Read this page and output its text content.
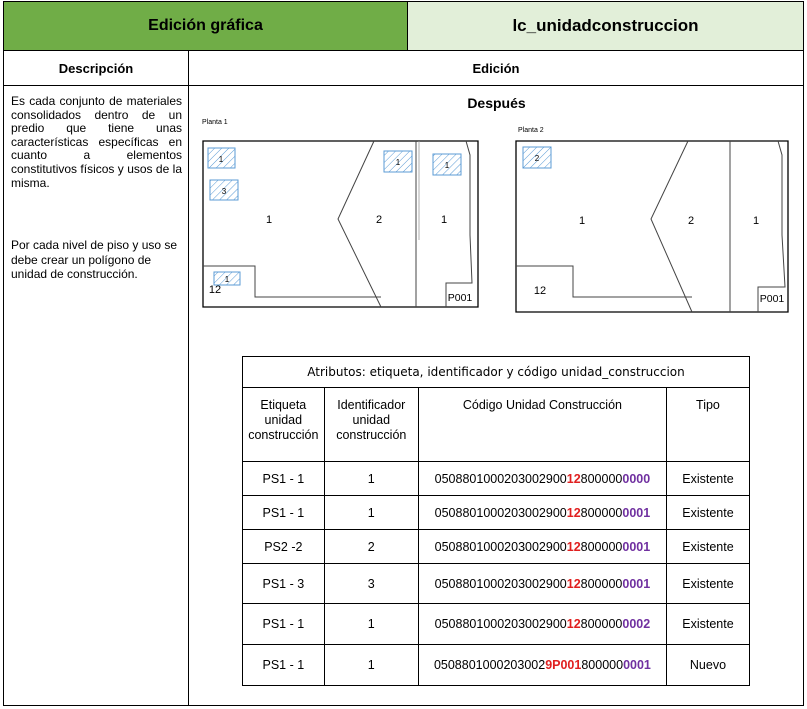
Edición gráfica	lc_unidadconstruccion
Descripción	Edición
Es cada conjunto de materiales consolidados dentro de un predio que tiene unas características específicas en cuanto a elementos constitutivos físicos y usos de la misma.
Por cada nivel de piso y uso se debe crear un polígono de unidad de construcción.
Después
Planta 1
1
3
1	1
1
1	2	1
12
P001
Planta 2
2
1	2	1
12
P001
Atributos: etiqueta, identificador y código unidad_construccion			
Etiqueta unidad construcción	Identificador unidad construcción	Código Unidad Construcción	Tipo
PS1 - 1	1	0508801000203002900128000000000	Existente
PS1 - 1	1	0508801000203002900128000000001	Existente
PS2 -2	2	0508801000203002900128000000001	Existente
PS1 - 3	3	0508801000203002900128000000001	Existente
PS1 - 1	1	0508801000203002900128000000002	Existente
PS1 - 1	1	05088010002030029P0018000000001	Nuevo
